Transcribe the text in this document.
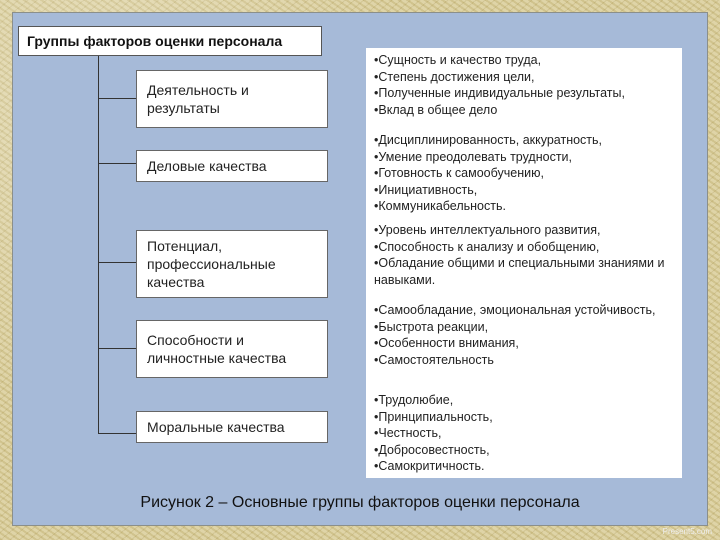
Группы факторов оценки персонала
Деятельность и результаты
Деловые качества
Потенциал, профессиональные качества
Способности и личностные качества
Моральные качества
•Сущность и качество труда,
•Степень достижения цели,
•Полученные индивидуальные результаты,
•Вклад в общее дело
•Дисциплинированность, аккуратность,
•Умение преодолевать трудности,
•Готовность к самообучению,
•Инициативность,
•Коммуникабельность.
•Уровень интеллектуального развития,
•Способность к анализу и обобщению,
•Обладание общими и специальными знаниями и навыками.
•Самообладание, эмоциональная устойчивость,
•Быстрота реакции,
•Особенности внимания,
•Самостоятельность
•Трудолюбие,
•Принципиальность,
•Честность,
•Добросовестность,
•Самокритичность.
Рисунок 2 – Основные группы факторов оценки персонала
Present5.com
